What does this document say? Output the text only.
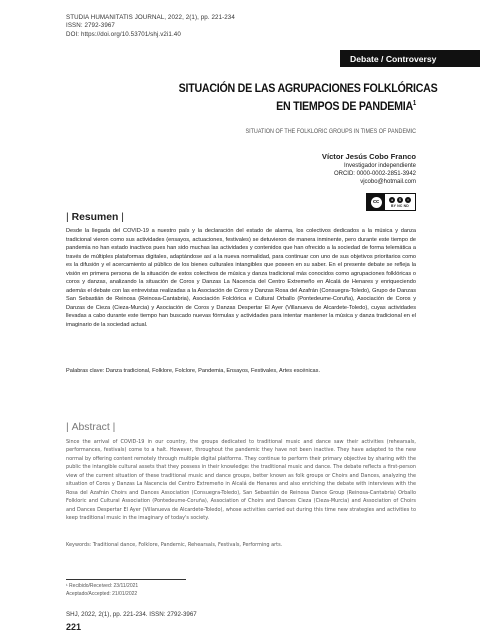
STUDIA HUMANITATIS JOURNAL, 2022, 2(1), pp. 221-234
ISSN: 2792-3967
DOI: https://doi.org/10.53701/shj.v2i1.40
Debate / Controversy
SITUACIÓN DE LAS AGRUPACIONES FOLKLÓRICAS
EN TIEMPOS DE PANDEMIA$^1$
SITUATION OF THE FOLKLORIC GROUPS IN TIMES OF PANDEMIC
Víctor Jesús Cobo Franco
Investigador independiente
ORCID: 0000-0002-2851-3942
vjcobo@hotmail.com
cc	●	$	=
BY NC ND
| Resumen |
Desde la llegada del COVID-19 a nuestro país y la declaración del estado de alarma, los colectivos dedicados a la música y danza tradicional vieron como sus actividades (ensayos, actuaciones, festivales) se detuvieron de manera inminente, pero durante este tiempo de pandemia no han estado inactivos pues han sido muchas las actividades y contenidos que han ofrecido a la sociedad de forma telemática a través de múltiples plataformas digitales, adaptándose así a la nueva normalidad, para continuar con uno de sus objetivos prioritarios como es la difusión y el acercamiento al público de los bienes culturales intangibles que poseen en su saber. En el presente debate se refleja la visión en primera persona de la situación de estos colectivos de música y danza tradicional más conocidos como agrupaciones folklóricas o coros y danzas, analizando la situación de Coros y Danzas La Nacencia del Centro Extremeño en Alcalá de Henares y enriqueciendo además el debate con las entrevistas realizadas a la Asociación de Coros y Danzas Rosa del Azafrán (Consuegra-Toledo), Grupo de Danzas San Sebastián de Reinosa (Reinosa-Cantabria), Asociación Folclórica e Cultural Orballo (Pontedeume-Coruña), Asociación de Coros y Danzas de Cieza (Cieza-Murcia) y Asociación de Coros y Danzas Despertar El Ayer (Villanueva de Alcardete-Toledo), cuyas actividades llevadas a cabo durante este tiempo han buscado nuevas fórmulas y actividades para intentar mantener la música y danza tradicional en el imaginario de la sociedad actual.
Palabras clave: Danza tradicional, Folklore, Folclore, Pandemia, Ensayos, Festivales, Artes escénicas.
| Abstract |
Since the arrival of COVID-19 in our country, the groups dedicated to traditional music and dance saw their activities (rehearsals, performances, festivals) come to a halt. However, throughout the pandemic they have not been inactive. They have adapted to the new normal by offering content remotely through multiple digital platforms. They continue to perform their primary objective by sharing with the public the intangible cultural assets that they possess in their knowledge: the traditional music and dance. The debate reflects a first-person view of the current situation of these traditional music and dance groups, better known as folk groups or Choirs and Dances, analyzing the situation of Coros y Danzas La Nacencia del Centro Extremeño in Alcalá de Henares and also enriching the debate with interviews with the Rosa del Azafrán Choirs and Dances Association (Consuegra-Toledo), San Sebastián de Reinosa Dance Group (Reinosa-Cantabria) Orballo Folkloric and Cultural Association (Pontedeume-Coruña), Association of Choirs and Dances Cieza (Cieza-Murcia) and Association of Choirs and Dances Despertar El Ayer (Villanueva de Alcardete-Toledo), whose activities carried out during this time new strategies and activities to keep traditional music in the imaginary of today's society.
Keywords: Traditional dance, Folklore, Pandemic, Rehearsals, Festivals, Performing arts.
¹ Recibido/Received: 23/11/2021
Aceptado/Accepted: 21/01/2022
SHJ, 2022, 2(1), pp. 221-234. ISSN: 2792-3967
221
